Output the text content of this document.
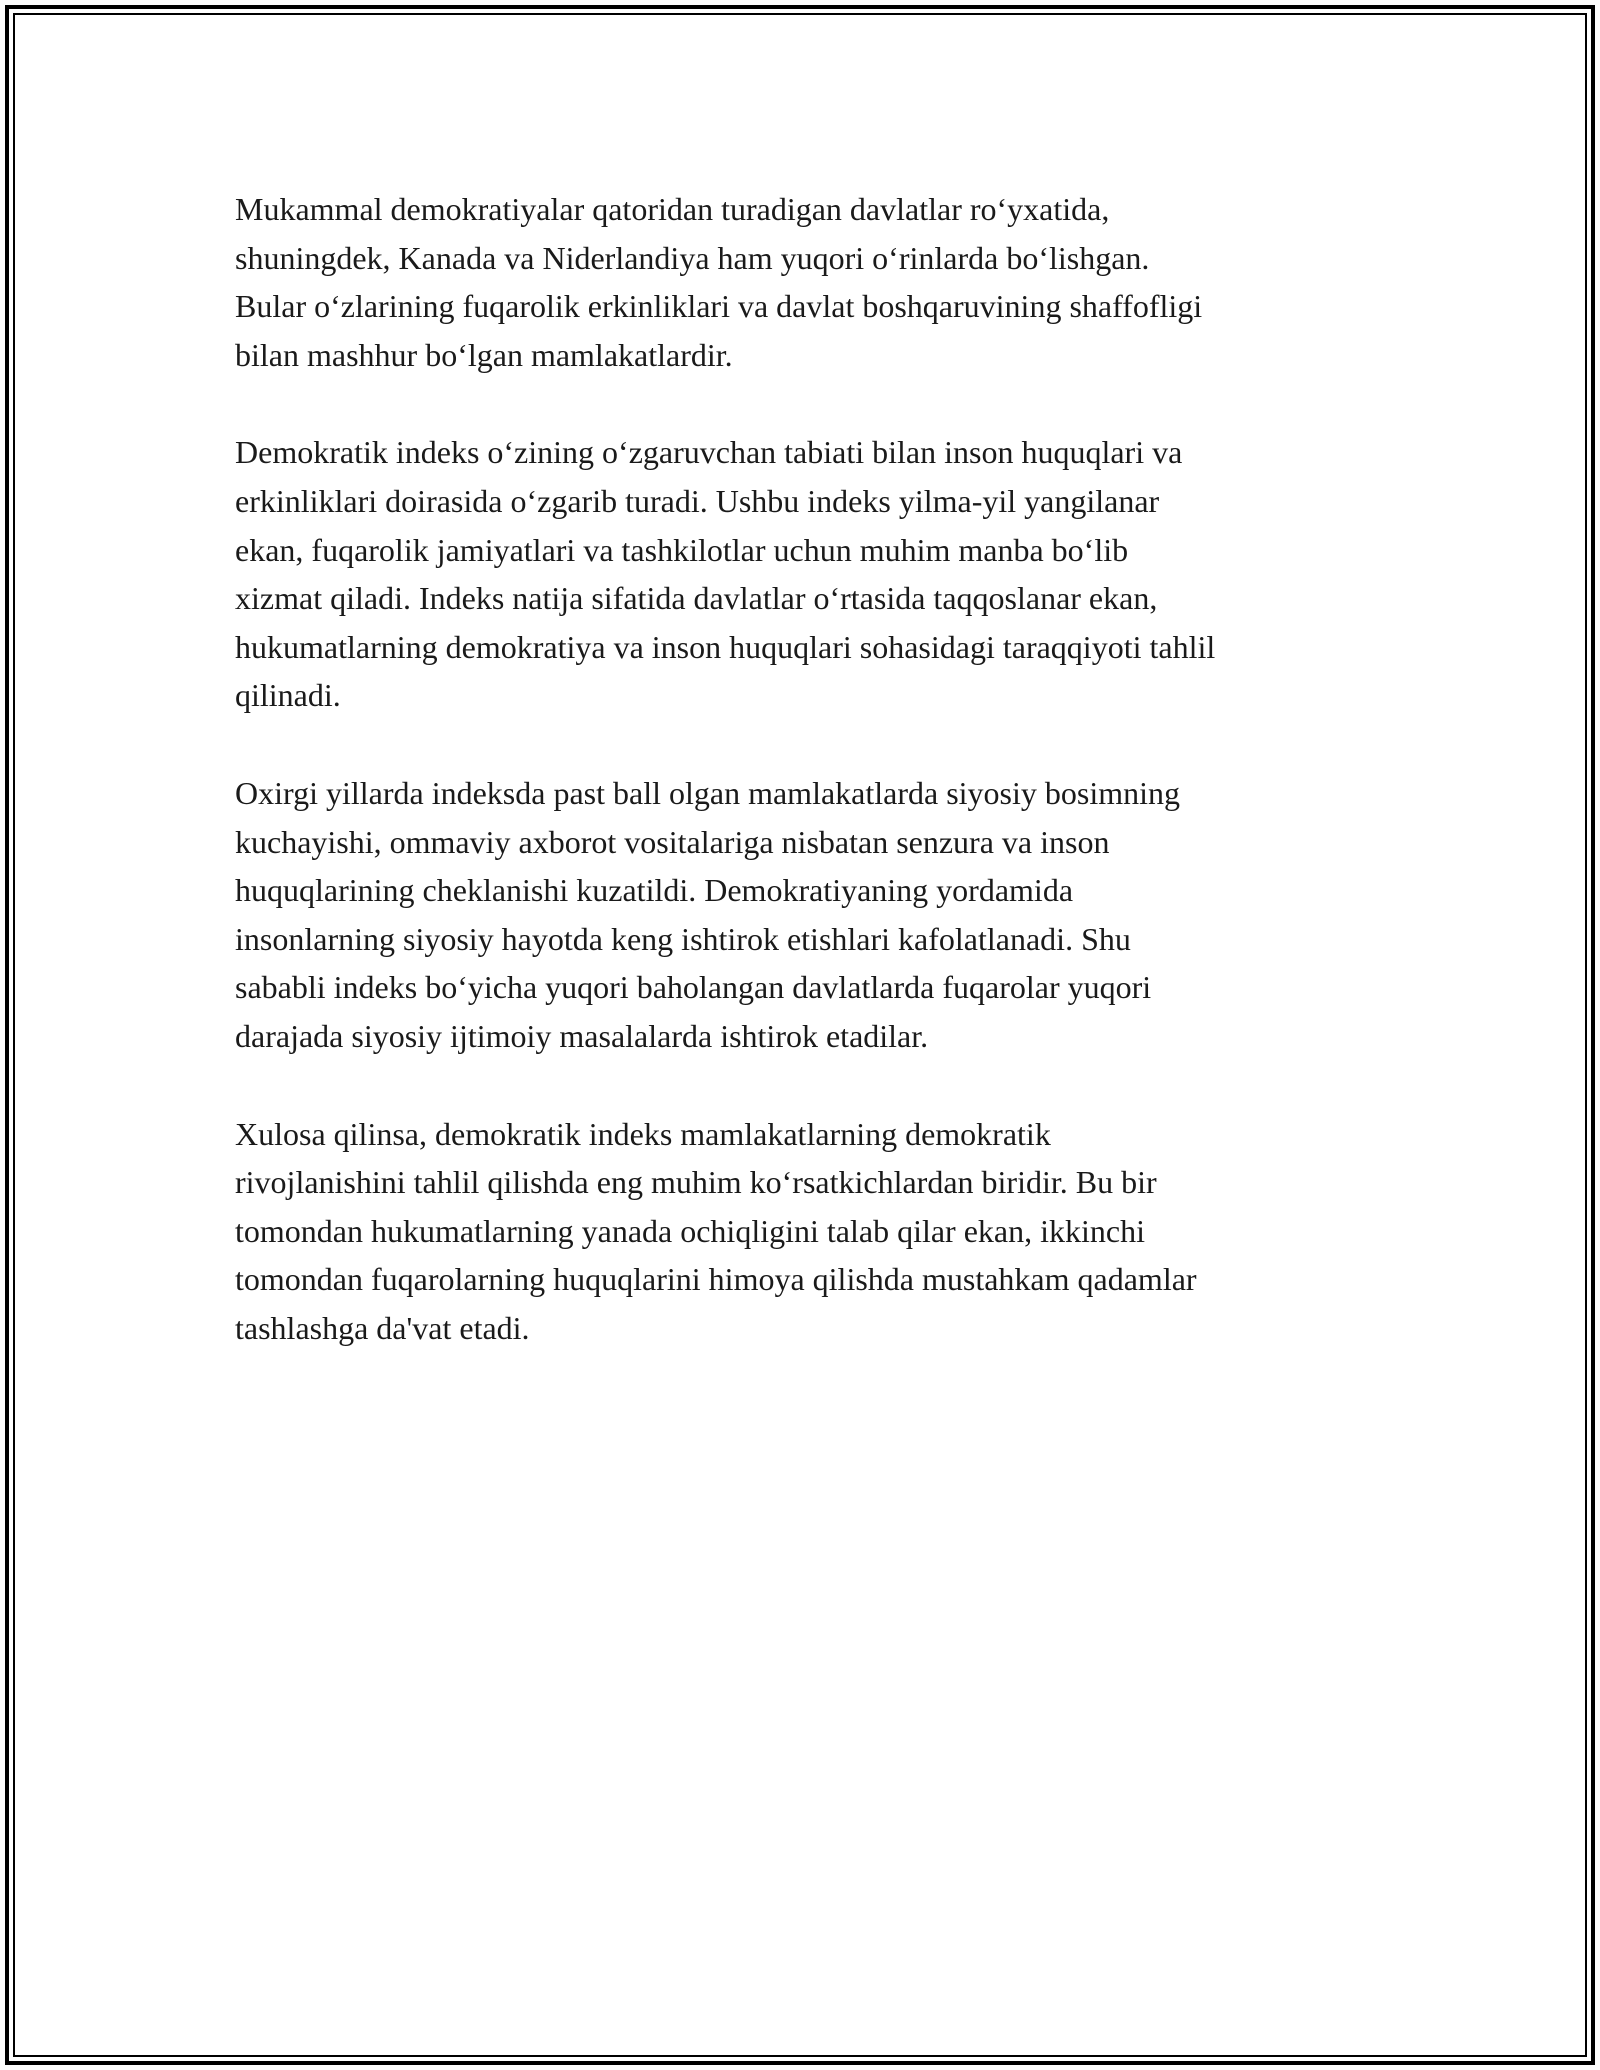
Mukammal demokratiyalar qatoridan turadigan davlatlar ro‘yxatida,
shuningdek, Kanada va Niderlandiya ham yuqori o‘rinlarda bo‘lishgan.
Bular o‘zlarining fuqarolik erkinliklari va davlat boshqaruvining shaffofligi
bilan mashhur bo‘lgan mamlakatlardir.

Demokratik indeks o‘zining o‘zgaruvchan tabiati bilan inson huquqlari va
erkinliklari doirasida o‘zgarib turadi. Ushbu indeks yilma-yil yangilanar
ekan, fuqarolik jamiyatlari va tashkilotlar uchun muhim manba bo‘lib
xizmat qiladi. Indeks natija sifatida davlatlar o‘rtasida taqqoslanar ekan,
hukumatlarning demokratiya va inson huquqlari sohasidagi taraqqiyoti tahlil
qilinadi.

Oxirgi yillarda indeksda past ball olgan mamlakatlarda siyosiy bosimning
kuchayishi, ommaviy axborot vositalariga nisbatan senzura va inson
huquqlarining cheklanishi kuzatildi. Demokratiyaning yordamida
insonlarning siyosiy hayotda keng ishtirok etishlari kafolatlanadi. Shu
sababli indeks bo‘yicha yuqori baholangan davlatlarda fuqarolar yuqori
darajada siyosiy ijtimoiy masalalarda ishtirok etadilar.

Xulosa qilinsa, demokratik indeks mamlakatlarning demokratik
rivojlanishini tahlil qilishda eng muhim ko‘rsatkichlardan biridir. Bu bir
tomondan hukumatlarning yanada ochiqligini talab qilar ekan, ikkinchi
tomondan fuqarolarning huquqlarini himoya qilishda mustahkam qadamlar
tashlashga da'vat etadi.
